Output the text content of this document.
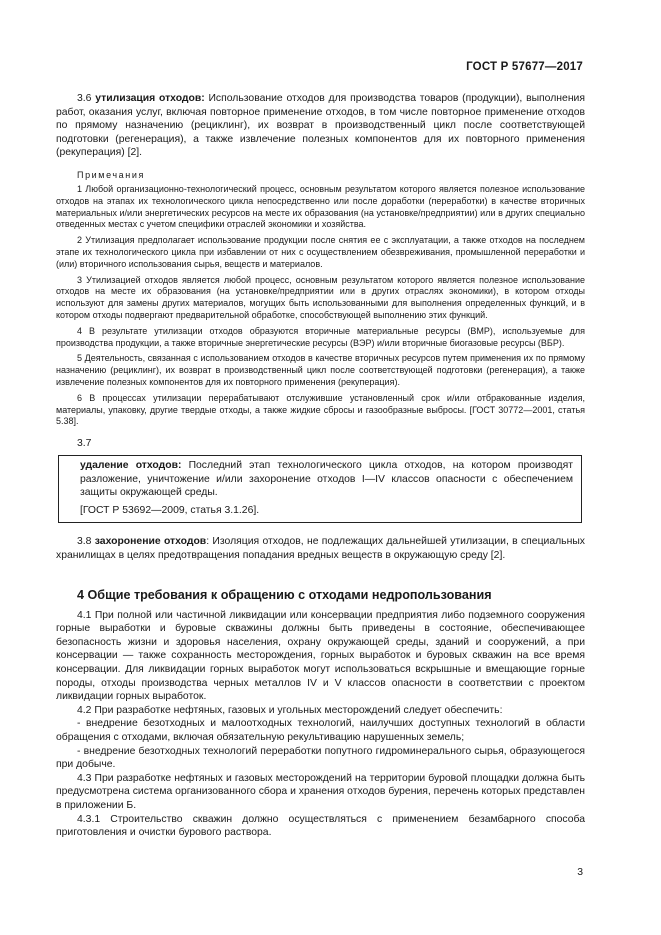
ГОСТ Р 57677—2017

3.6 утилизация отходов: Использование отходов для производства товаров (продукции), выполнения работ, оказания услуг, включая повторное применение отходов, в том числе повторное применение отходов по прямому назначению (рециклинг), их возврат в производственный цикл после соответствующей подготовки (регенерация), а также извлечение полезных компонентов для их повторного применения (рекуперация) [2].

Примечания

1 Любой организационно-технологический процесс, основным результатом которого является полезное использование отходов на этапах их технологического цикла непосредственно или после доработки (переработки) в качестве вторичных материальных и/или энергетических ресурсов на месте их образования (на установке/предприятии) или в других специально отведенных местах с учетом специфики отраслей экономики и хозяйства.

2 Утилизация предполагает использование продукции после снятия ее с эксплуатации, а также отходов на последнем этапе их технологического цикла при избавлении от них с осуществлением обезвреживания, промышленной переработки и (или) вторичного использования сырья, веществ и материалов.

3 Утилизацией отходов является любой процесс, основным результатом которого является полезное использование отходов на месте их образования (на установке/предприятии или в других отраслях экономики), в котором отходы используют для замены других материалов, могущих быть использованными для выполнения определенных функций, и в котором отходы подвергают предварительной обработке, способствующей выполнению этих функций.

4 В результате утилизации отходов образуются вторичные материальные ресурсы (ВМР), используемые для производства продукции, а также вторичные энергетические ресурсы (ВЭР) и/или вторичные биогазовые ресурсы (ВБР).

5 Деятельность, связанная с использованием отходов в качестве вторичных ресурсов путем применения их по прямому назначению (рециклинг), их возврат в производственный цикл после соответствующей подготовки (регенерация), а также извлечение полезных компонентов для их повторного применения (рекуперация).

6 В процессах утилизации перерабатывают отслужившие установленный срок и/или отбракованные изделия, материалы, упаковку, другие твердые отходы, а также жидкие сбросы и газообразные выбросы. [ГОСТ 30772—2001, статья 5.38].

3.7

удаление отходов: Последний этап технологического цикла отходов, на котором производят разложение, уничтожение и/или захоронение отходов I—IV классов опасности с обеспечением защиты окружающей среды.

[ГОСТ Р 53692—2009, статья 3.1.26].

3.8 захоронение отходов: Изоляция отходов, не подлежащих дальнейшей утилизации, в специальных хранилищах в целях предотвращения попадания вредных веществ в окружающую среду [2].

4 Общие требования к обращению с отходами недропользования

4.1 При полной или частичной ликвидации или консервации предприятия либо подземного сооружения горные выработки и буровые скважины должны быть приведены в состояние, обеспечивающее безопасность жизни и здоровья населения, охрану окружающей среды, зданий и сооружений, а при консервации — также сохранность месторождения, горных выработок и буровых скважин на все время консервации. Для ликвидации горных выработок могут использоваться вскрышные и вмещающие горные породы, отходы производства черных металлов IV и V классов опасности в соответствии с проектом ликвидации горных выработок.

4.2 При разработке нефтяных, газовых и угольных месторождений следует обеспечить:

- внедрение безотходных и малоотходных технологий, наилучших доступных технологий в области обращения с отходами, включая обязательную рекультивацию нарушенных земель;

- внедрение безотходных технологий переработки попутного гидроминерального сырья, образующегося при добыче.

4.3 При разработке нефтяных и газовых месторождений на территории буровой площадки должна быть предусмотрена система организованного сбора и хранения отходов бурения, перечень которых представлен в приложении Б.

4.3.1 Строительство скважин должно осуществляться с применением безамбарного способа приготовления и очистки бурового раствора.

3
